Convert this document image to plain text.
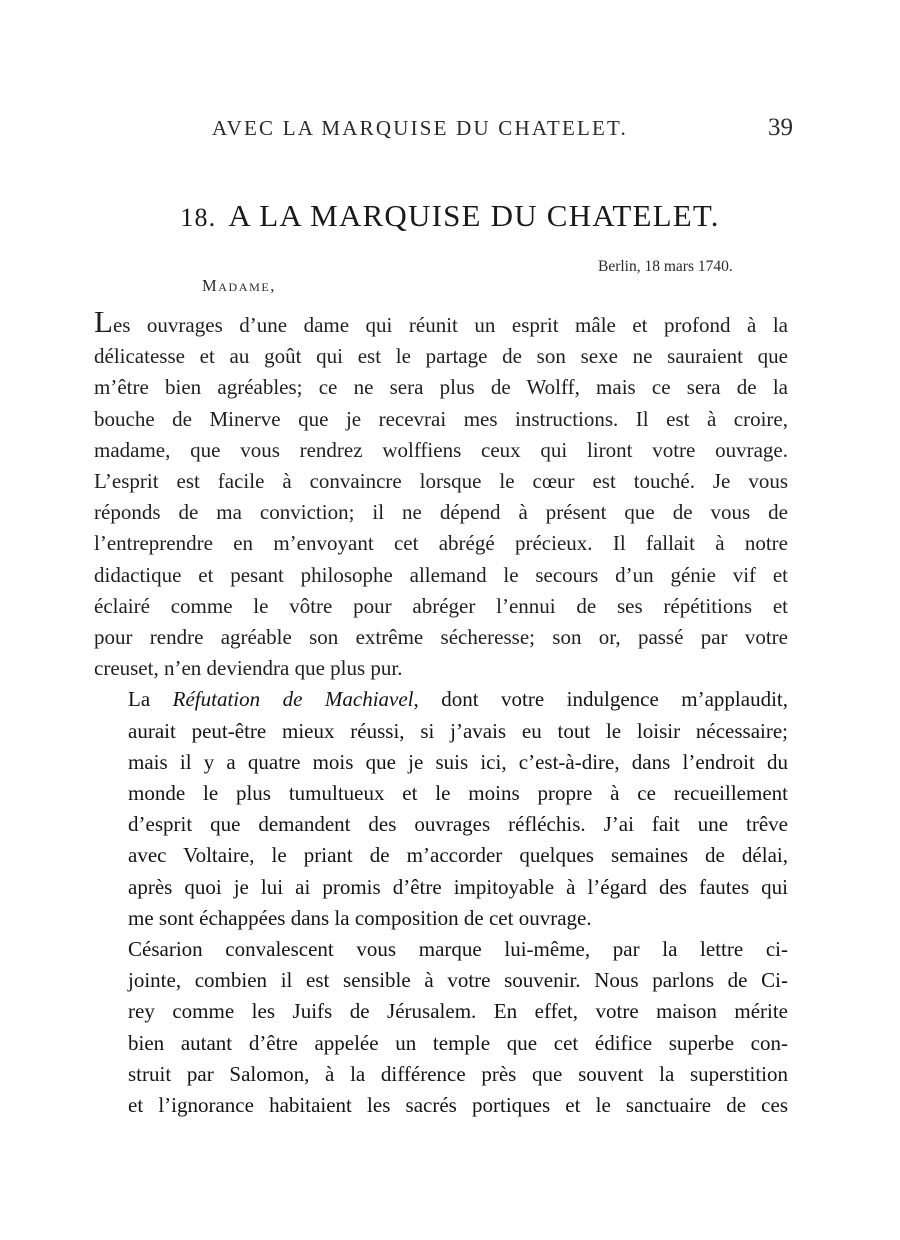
AVEC LA MARQUISE DU CHATELET.	39
18. A LA MARQUISE DU CHATELET.
Berlin, 18 mars 1740.
Madame,

Les ouvrages d’une dame qui réunit un esprit mâle et profond à la
délicatesse et au goût qui est le partage de son sexe ne sauraient que
m’être bien agréables; ce ne sera plus de Wolff, mais ce sera de la
bouche de Minerve que je recevrai mes instructions. Il est à croire,
madame, que vous rendrez wolffiens ceux qui liront votre ouvrage.
L’esprit est facile à convaincre lorsque le cœur est touché. Je vous
réponds de ma conviction; il ne dépend à présent que de vous de
l’entreprendre en m’envoyant cet abrégé précieux. Il fallait à notre
didactique et pesant philosophe allemand le secours d’un génie vif et
éclairé comme le vôtre pour abréger l’ennui de ses répétitions et
pour rendre agréable son extrême sécheresse; son or, passé par votre
creuset, n’en deviendra que plus pur.

La Réfutation de Machiavel, dont votre indulgence m’applaudit,
aurait peut-être mieux réussi, si j’avais eu tout le loisir nécessaire;
mais il y a quatre mois que je suis ici, c’est-à-dire, dans l’endroit du
monde le plus tumultueux et le moins propre à ce recueillement
d’esprit que demandent des ouvrages réfléchis. J’ai fait une trêve
avec Voltaire, le priant de m’accorder quelques semaines de délai,
après quoi je lui ai promis d’être impitoyable à l’égard des fautes qui
me sont échappées dans la composition de cet ouvrage.

Césarion convalescent vous marque lui-même, par la lettre ci-
jointe, combien il est sensible à votre souvenir. Nous parlons de Ci-
rey comme les Juifs de Jérusalem. En effet, votre maison mérite
bien autant d’être appelée un temple que cet édifice superbe con-
struit par Salomon, à la différence près que souvent la superstition
et l’ignorance habitaient les sacrés portiques et le sanctuaire de ces
